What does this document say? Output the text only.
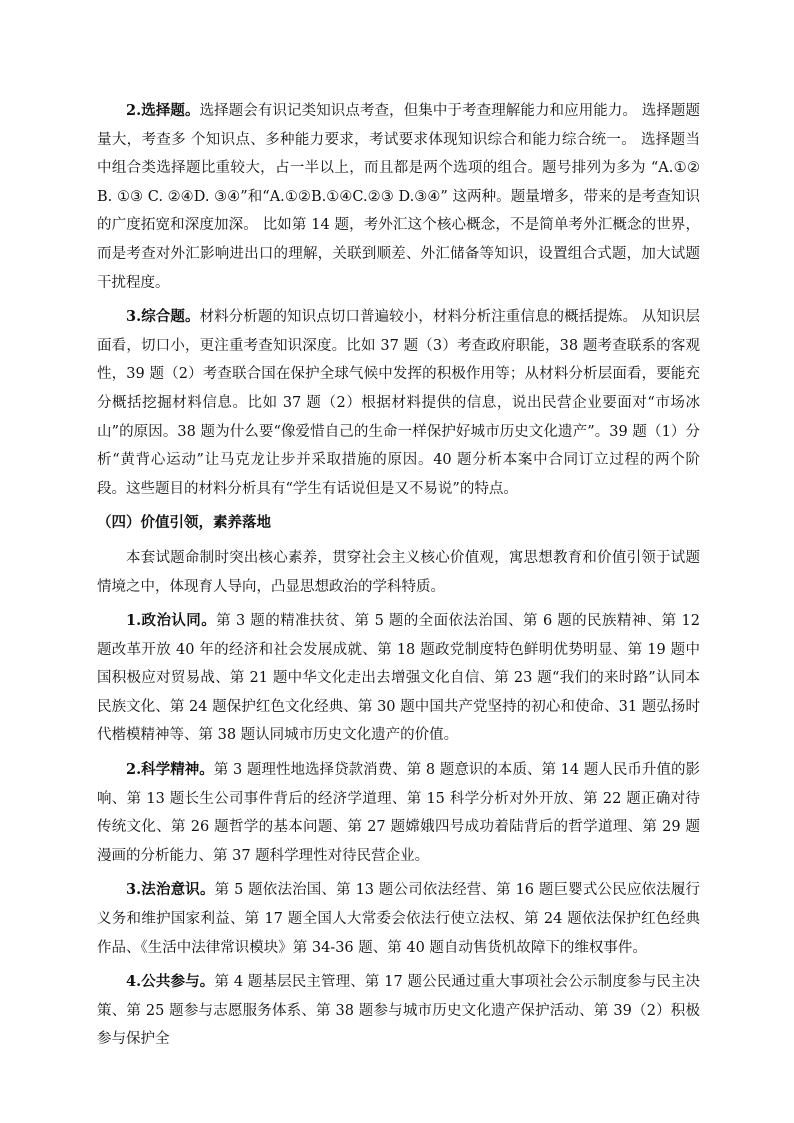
2.选择题。选择题会有识记类知识点考查，但集中于考查理解能力和应用能力。 选择题题量大，考查多 个知识点、多种能力要求，考试要求体现知识综合和能力综合统一。 选择题当中组合类选择题比重较大，占一半以上，而且都是两个选项的组合。题号排列为多为 “A.①② B. ①③ C. ②④D. ③④”和“A.①②B.①④C.②③ D.③④” 这两种。题量增多，带来的是考查知识的广度拓宽和深度加深。 比如第 14 题，考外汇这个核心概念，不是简单考外汇概念的世界，而是考查对外汇影响进出口的理解，关联到顺差、外汇储备等知识，设置组合式题，加大试题干扰程度。

3.综合题。材料分析题的知识点切口普遍较小，材料分析注重信息的概括提炼。 从知识层面看，切口小，更注重考查知识深度。比如 37 题（3）考查政府职能，38 题考查联系的客观性，39 题（2）考查联合国在保护全球气候中发挥的积极作用等；从材料分析层面看，要能充分概括挖掘材料信息。比如 37 题（2）根据材料提供的信息，说出民营企业要面对“市场冰山”的原因。38 题为什么要“像爱惜自己的生命一样保护好城市历史文化遗产”。39 题（1）分析“黄背心运动”让马克龙让步并采取措施的原因。40 题分析本案中合同订立过程的两个阶段。这些题目的材料分析具有“学生有话说但是又不易说”的特点。

（四）价值引领，素养落地

本套试题命制时突出核心素养，贯穿社会主义核心价值观，寓思想教育和价值引领于试题情境之中，体现育人导向，凸显思想政治的学科特质。

1.政治认同。第 3 题的精准扶贫、第 5 题的全面依法治国、第 6 题的民族精神、第 12 题改革开放 40 年的经济和社会发展成就、第 18 题政党制度特色鲜明优势明显、第 19 题中国积极应对贸易战、第 21 题中华文化走出去增强文化自信、第 23 题“我们的来时路”认同本民族文化、第 24 题保护红色文化经典、第 30 题中国共产党坚持的初心和使命、31 题弘扬时代楷模精神等、第 38 题认同城市历史文化遗产的价值。

2.科学精神。第 3 题理性地选择贷款消费、第 8 题意识的本质、第 14 题人民币升值的影响、第 13 题长生公司事件背后的经济学道理、第 15 科学分析对外开放、第 22 题正确对待传统文化、第 26 题哲学的基本问题、第 27 题嫦娥四号成功着陆背后的哲学道理、第 29 题漫画的分析能力、第 37 题科学理性对待民营企业。

3.法治意识。第 5 题依法治国、第 13 题公司依法经营、第 16 题巨婴式公民应依法履行义务和维护国家利益、第 17 题全国人大常委会依法行使立法权、第 24 题依法保护红色经典作品、《生活中法律常识模块》第 34-36 题、第 40 题自动售货机故障下的维权事件。

4.公共参与。第 4 题基层民主管理、第 17 题公民通过重大事项社会公示制度参与民主决策、第 25 题参与志愿服务体系、第 38 题参与城市历史文化遗产保护活动、第 39（2）积极参与保护全
